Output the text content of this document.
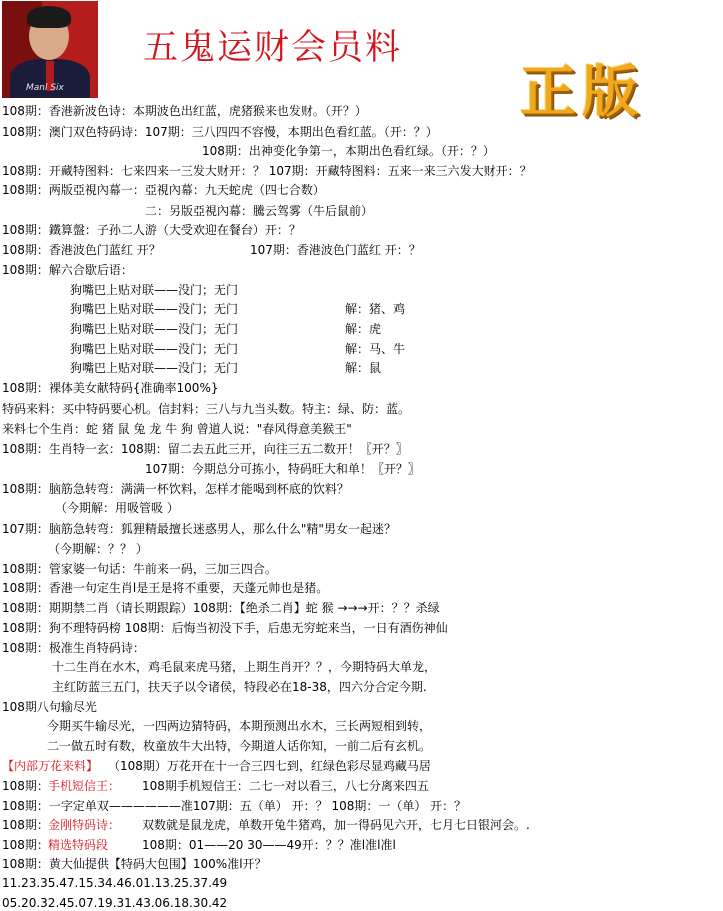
Manl Six
五鬼运财会员料
正版
108期：香港新波色诗：本期波色出红蓝，虎猪猴来也发财。（开？）
108期：澳门双色特码诗：107期：三八四四不容慢，本期出色看红蓝。（开：？）
108期：出神变化争第一，本期出色看红绿。（开：？）
108期：开藏特图料：七来四来一三发大财开：？ 107期：开藏特图料：五来一来三六发大财开：？
108期：两版亞視內幕一：亞視內幕：九天蛇虎（四七合数）
二：另版亞視內幕：騰云驾雾（牛后鼠前）
108期：鐵算盤：子孙二人游（大受欢迎在餐台）开：？
108期：香港波色门蓝红 开？	107期：香港波色门蓝红 开：？
108期：解六合歇后语：
狗嘴巴上贴对联——没门；无门
狗嘴巴上贴对联——没门；无门	解：猪、鸡
狗嘴巴上贴对联——没门；无门	解：虎
狗嘴巴上贴对联——没门；无门	解：马、牛
狗嘴巴上贴对联——没门；无门	解：鼠
108期：裸体美女献特码{准确率100%}
特码来料：买中特码要心机。信封料：三八与九当头数。特主：绿、防：蓝。
来料七个生肖：蛇 猪 鼠 兔 龙 牛 狗 曾道人说："春风得意美猴王"
108期：生肖特一玄：108期：留二去五此三开，向往三五二数开！〖开？〗
107期：今期总分可拣小，特码旺大和单！〖开？〗
108期：脑筋急转弯：满满一杯饮料，怎样才能喝到杯底的饮料？
（今期解：用吸管吸 ）
107期：脑筋急转弯：狐狸精最擅长迷惑男人，那么什么"精"男女一起迷？
（今期解：？？ ）
108期：管家婆一句话：牛前来一码，三加三四合。
108期：香港一句定生肖l是王是将不重要，天蓬元帅也是猪。
108期：期期禁二肖（请长期跟踪）108期：【绝杀二肖】蛇 猴 →→→开：？？杀绿
108期：狗不理特码榜 108期：后悔当初没下手，后患无穷蛇来当，一日有酒伤神仙
108期：极准生肖特码诗：
十二生肖在水木，鸡毛鼠来虎马猪，上期生肖开？？，今期特码大单龙，
主红防蓝三五门，扶天子以令诸侯，特段必在18-38，四六分合定今期.
108期八句输尽光
今期买牛输尽光，一四两边猜特码，本期预测出水木，三长两短相到转，
二一做五时有数，枚童放牛大出特，今期道人话你知，一前二后有玄机。
【内部万花来料】 （108期）万花开在十一合三四七到，红绿色彩尽显鸡藏马居
108期： 手机短信王： 108期手机短信王：二七一对以看三，八七分离来四五
108期：一字定单双——————准107期：五（单） 开：？ 108期：一（单） 开：？
108期： 金刚特码诗： 双数就是鼠龙虎，单数开兔牛猪鸡，加一得码见六开，七月七日银河会。.
108期： 精选特码段	108期：01——20 30——49开：？？准l准l准l
108期：黄大仙提供【特码大包围】100%准l开？
11.23.35.47.15.34.46.01.13.25.37.49
05.20.32.45.07.19.31.43.06.18.30.42
